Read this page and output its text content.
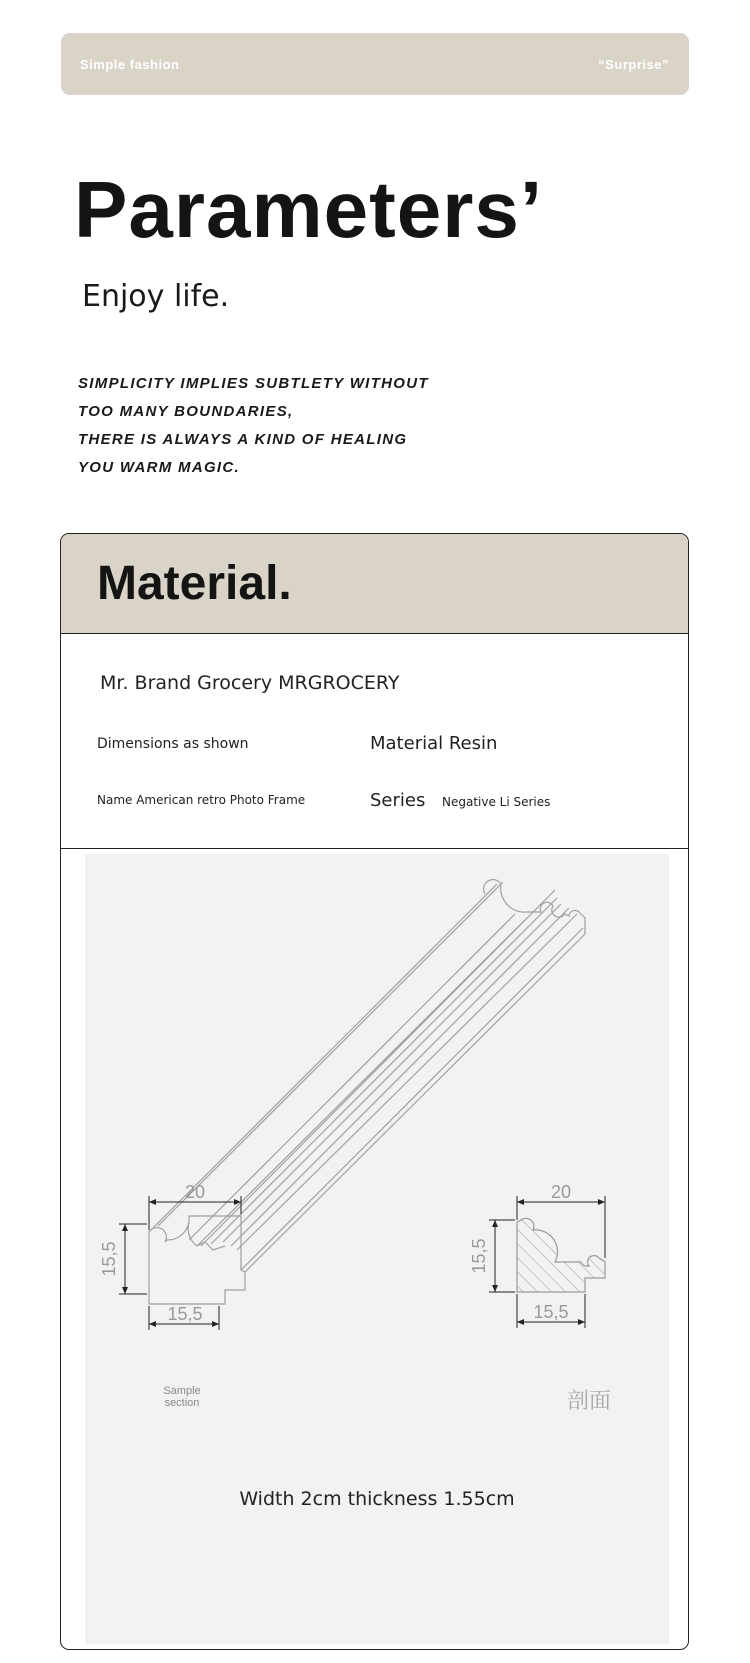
Simple fashion	“Surprise”
Parameters’
Enjoy life.
SIMPLICITY IMPLIES SUBTLETY WITHOUT
TOO MANY BOUNDARIES,
THERE IS ALWAYS A KIND OF HEALING
YOU WARM MAGIC.
Material.
Mr. Brand Grocery MRGROCERY
Dimensions as shown	Material Resin
Name American retro Photo Frame	Series Negative Li Series
20
15,5
15,5
20
15,5
15,5
Sample
section	剖面
Width 2cm thickness 1.55cm
